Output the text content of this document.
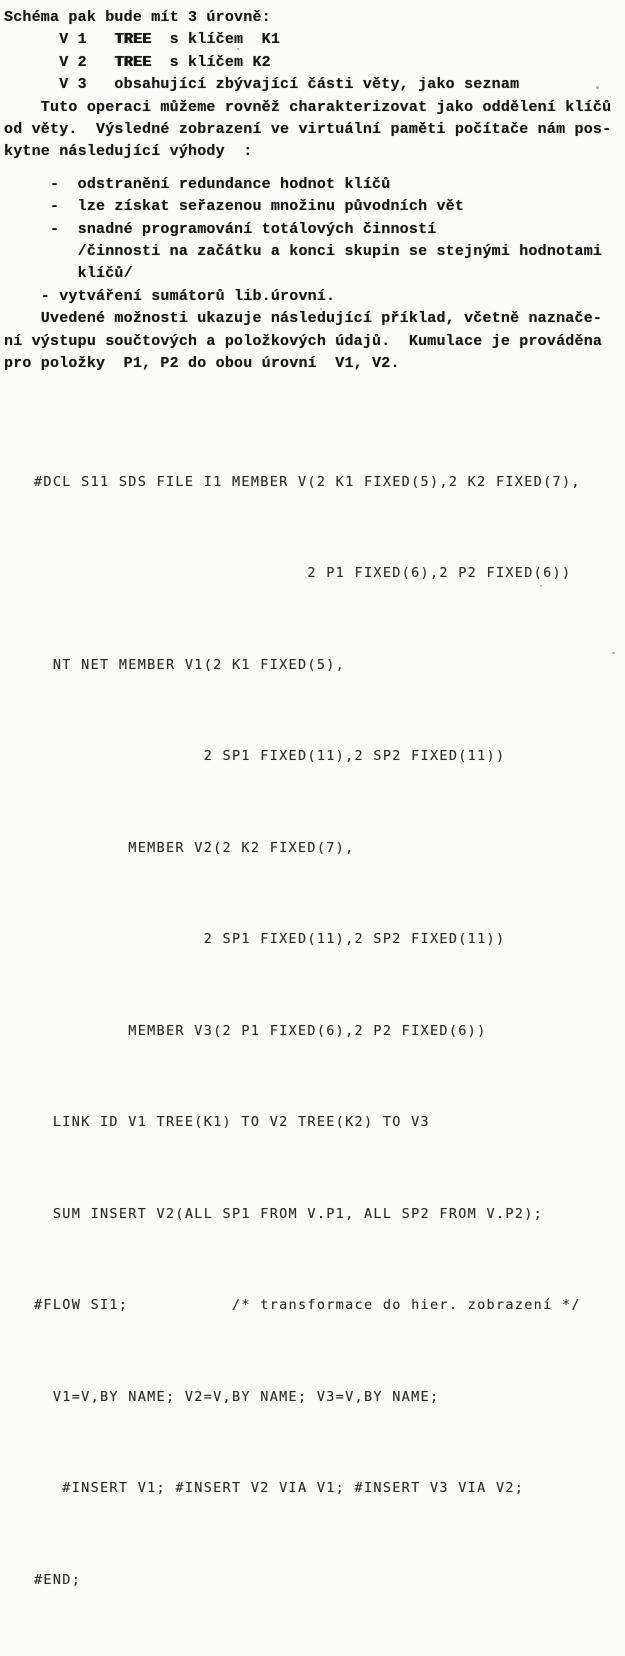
Schéma pak bude mít 3 úrovně:
V 1   TREE  s klíčem  K1
V 2   TREE  s klíčem K2
V 3   obsahující zbývající části věty, jako seznam
Tuto operaci můžeme rovněž charakterizovat jako oddělení klíčů
od věty.  Výsledné zobrazení ve virtuální paměti počítače nám pos-
kytne následující výhody  :
-  odstranění redundance hodnot klíčů
-  lze získat seřazenou množinu původních vět
-  snadné programování totálových činností
/činnosti na začátku a konci skupin se stejnými hodnotami
klíčů/
- vytváření sumátorů lib.úrovní.
Uvedené možnosti ukazuje následující příklad, včetně naznače-
ní výstupu součtových a položkových údajů.  Kumulace je prováděna
pro položky  P1, P2 do obou úrovní  V1, V2.

#DCL S11 SDS FILE I1 MEMBER V(2 K1 FIXED(5),2 K2 FIXED(7),

2 P1 FIXED(6),2 P2 FIXED(6))

NT NET MEMBER V1(2 K1 FIXED(5),

2 SP1 FIXED(11),2 SP2 FIXED(11))

MEMBER V2(2 K2 FIXED(7),

2 SP1 FIXED(11),2 SP2 FIXED(11))

MEMBER V3(2 P1 FIXED(6),2 P2 FIXED(6))

LINK ID V1 TREE(K1) TO V2 TREE(K2) TO V3

SUM INSERT V2(ALL SP1 FROM V.P1, ALL SP2 FROM V.P2);

#FLOW SI1;           /* transformace do hier. zobrazení */

V1=V,BY NAME; V2=V,BY NAME; V3=V,BY NAME;

#INSERT V1; #INSERT V2 VIA V1; #INSERT V3 VIA V2;

#END;
